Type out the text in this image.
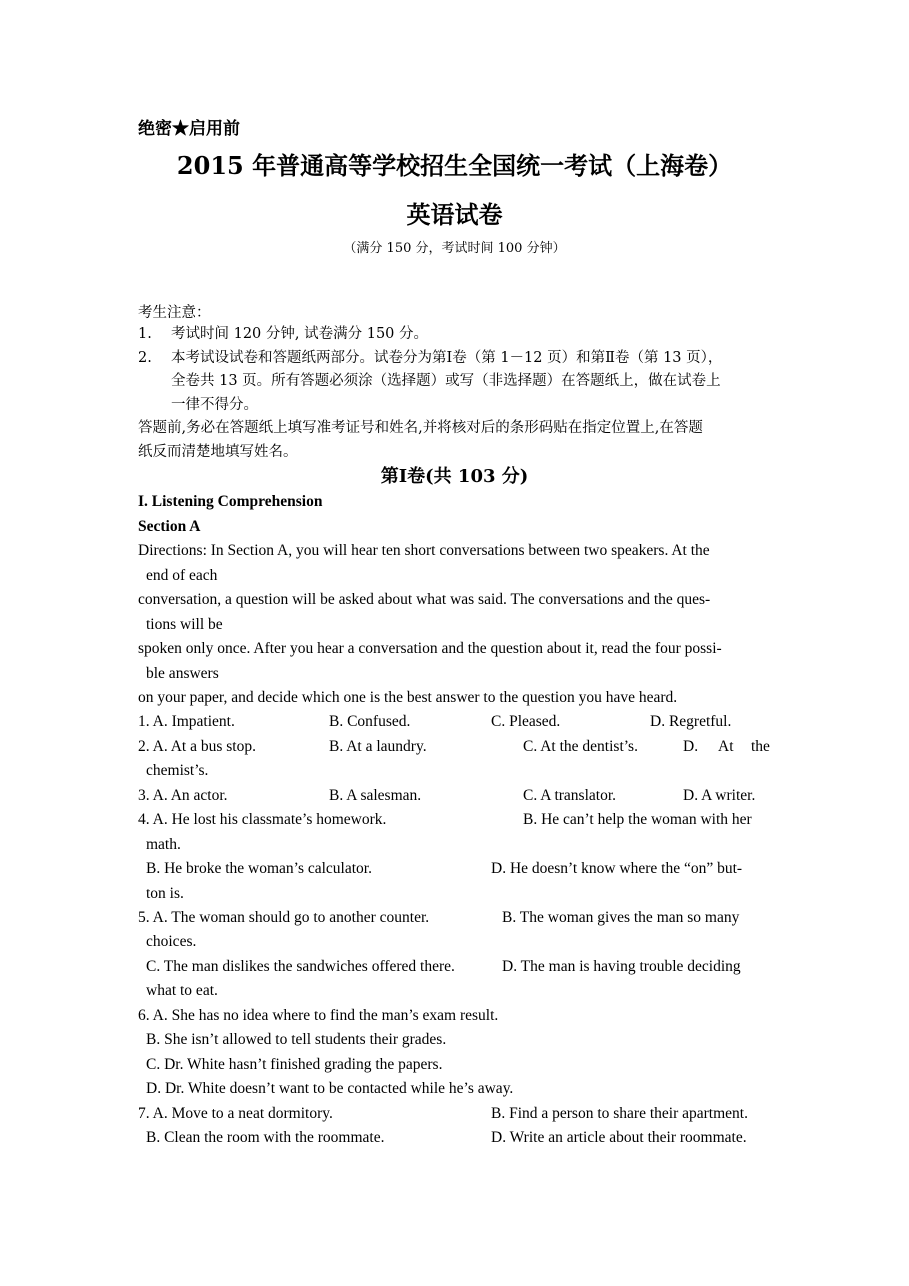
绝密★启用前
2015 年普通高等学校招生全国统一考试（上海卷）
英语试卷
（满分 150 分，考试时间 100 分钟）
考生注意：
1. 考试时间 120 分钟, 试卷满分 150 分。
2. 本考试设试卷和答题纸两部分。试卷分为第Ⅰ卷（第 1－12 页）和第Ⅱ卷（第 13 页），
全卷共 13 页。所有答题必须涂（选择题）或写（非选择题）在答题纸上，做在试卷上
一律不得分。
答题前,务必在答题纸上填写准考证号和姓名,并将核对后的条形码贴在指定位置上,在答题
纸反而清楚地填写姓名。
第Ⅰ卷(共 103 分)
I. Listening Comprehension
Section A
Directions: In Section A, you will hear ten short conversations between two speakers. At the
end of each
conversation, a question will be asked about what was said. The conversations and the ques-
tions will be
spoken only once. After you hear a conversation and the question about it, read the four possi-
ble answers
on your paper, and decide which one is the best answer to the question you have heard.
1. A. Impatient.	B. Confused.	C. Pleased.	D. Regretful.
2. A. At a bus stop.	B. At a laundry.	C. At the dentist’s.	D. At the
chemist’s.
3. A. An actor.	B. A salesman.	C. A translator.	D. A writer.
4. A. He lost his classmate’s homework.	B. He can’t help the woman with her
math.
B. He broke the woman’s calculator.	D. He doesn’t know where the “on” but-
ton is.
5. A. The woman should go to another counter.	B. The woman gives the man so many
choices.
C. The man dislikes the sandwiches offered there.	D. The man is having trouble deciding
what to eat.
6. A. She has no idea where to find the man’s exam result.
B. She isn’t allowed to tell students their grades.
C. Dr. White hasn’t finished grading the papers.
D. Dr. White doesn’t want to be contacted while he’s away.
7. A. Move to a neat dormitory.	B. Find a person to share their apartment.
B. Clean the room with the roommate.	D. Write an article about their roommate.
